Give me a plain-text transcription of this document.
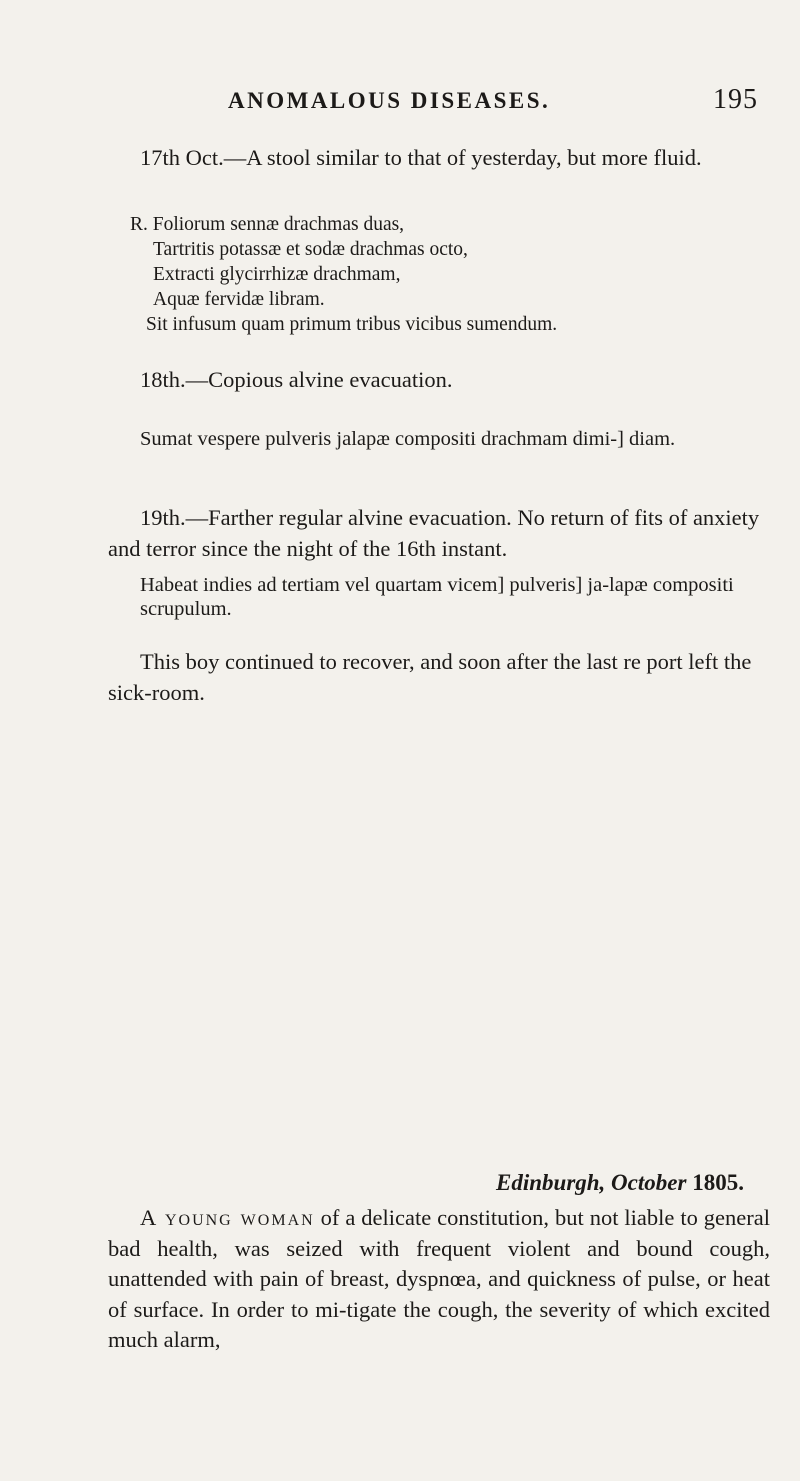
ANOMALOUS DISEASES.	195
17th Oct.—A stool similar to that of yesterday, but more fluid.
R. Foliorum sennæ drachmas duas,
Tartritis potassæ et sodæ drachmas octo,
Extracti glycirrhizæ drachmam,
Aquæ fervidæ libram.
Sit infusum quam primum tribus vicibus sumendum.
18th.—Copious alvine evacuation.
Sumat vespere pulveris jalapæ compositi drachmam dimi-] diam.
19th.—Farther regular alvine evacuation. No return of fits of anxiety and terror since the night of the 16th instant.
Habeat indies ad tertiam vel quartam vicem] pulveris] ja-lapæ compositi scrupulum.
This boy continued to recover, and soon after the last re port left the sick-room.
Edinburgh, October 1805.
A young woman of a delicate constitution, but not liable to general bad health, was seized with frequent violent and bound cough, unattended with pain of breast, dyspnœa, and quickness of pulse, or heat of surface. In order to mi-tigate the cough, the severity of which excited much alarm,
